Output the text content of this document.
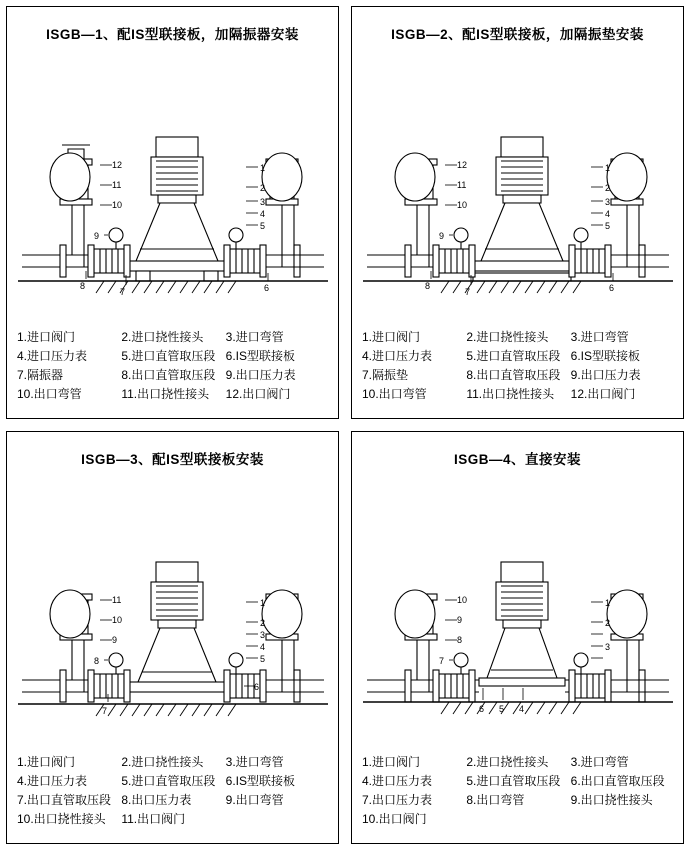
ISGB—1、配IS型联接板，加隔振器安装
12
11
10
9
8
7	6
5
4
3
2
1
1.进口阀门	2.进口挠性接头	3.进口弯管
4.进口压力表	5.进口直管取压段 6.IS型联接板
7.隔振器	8.出口直管取压段 9.出口压力表
10.出口弯管	11.出口挠性接头	12.出口阀门
ISGB—2、配IS型联接板，加隔振垫安装
12
11
10
9
8
7	6
5
4
3
2
1
1.进口阀门	2.进口挠性接头	3.进口弯管
4.进口压力表	5.进口直管取压段 6.IS型联接板
7.隔振垫	8.出口直管取压段 9.出口压力表
10.出口弯管	11.出口挠性接头	12.出口阀门
ISGB—3、配IS型联接板安装
11
10
9
8
7
6
5
4
3
2
1
1.进口阀门	2.进口挠性接头	3.进口弯管
4.进口压力表	5.进口直管取压段 6.IS型联接板
7.出口直管取压段 8.出口压力表	9.出口弯管
10.出口挠性接头	11.出口阀门
ISGB—4、直接安装
10
9
8
7
6 5 4
3
2
1
1.进口阀门	2.进口挠性接头	3.进口弯管
4.进口压力表	5.进口直管取压段 6.出口直管取压段
7.出口压力表	8.出口弯管	9.出口挠性接头
10.出口阀门
